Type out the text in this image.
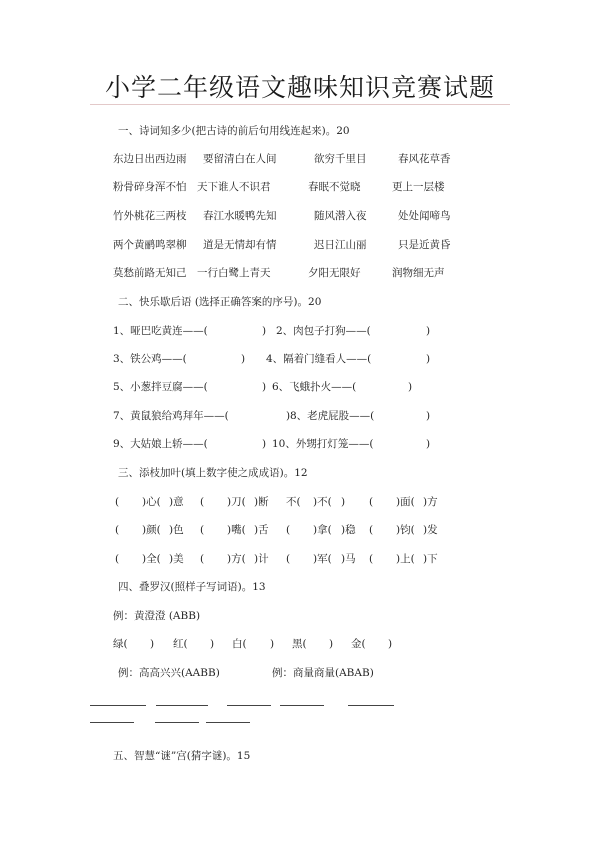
小学二年级语文趣味知识竞赛试题
一、诗词知多少(把古诗的前后句用线连起来)。20
东边日出西边雨 要留清白在人间	欲穷千里目	春风花草香
粉骨碎身浑不怕 天下谁人不识君	春眠不觉晓	更上一层楼
竹外桃花三两枝 春江水暖鸭先知	随风潜入夜	处处闻啼鸟
两个黄鹂鸣翠柳 道是无情却有情	迟日江山丽	只是近黄昏
莫愁前路无知己 一行白鹭上青天	夕阳无限好	润物细无声
二、快乐歇后语 (选择正确答案的序号)。20
1、哑巴吃黄连——(	) 2、肉包子打狗——(	)
3、铁公鸡——(	) 4、隔着门缝看人——(	)
5、小葱拌豆腐——(	) 6、飞蛾扑火——(	)
7、黄鼠狼给鸡拜年——(	) 8、老虎屁股——(	)
9、大姑娘上轿——(	) 10、外甥打灯笼——(	)
三、添枝加叶(填上数字使之成成语)。12
( )心( )意 ( )刀( )断 不( )不( ) ( )面( )方
( )颜( )色 ( )嘴( )舌 ( )拿( )稳 ( )钧( )发
( )全( )美 ( )方( )计 ( )军( )马 ( )上( )下
四、叠罗汉(照样子写词语)。13
例：黄澄澄 (ABB)
绿( ) 红( ) 白( ) 黑( ) 金( )
例：高高兴兴(AABB)	例：商量商量(ABAB)
五、智慧“谜”宫(猜字谜)。15
